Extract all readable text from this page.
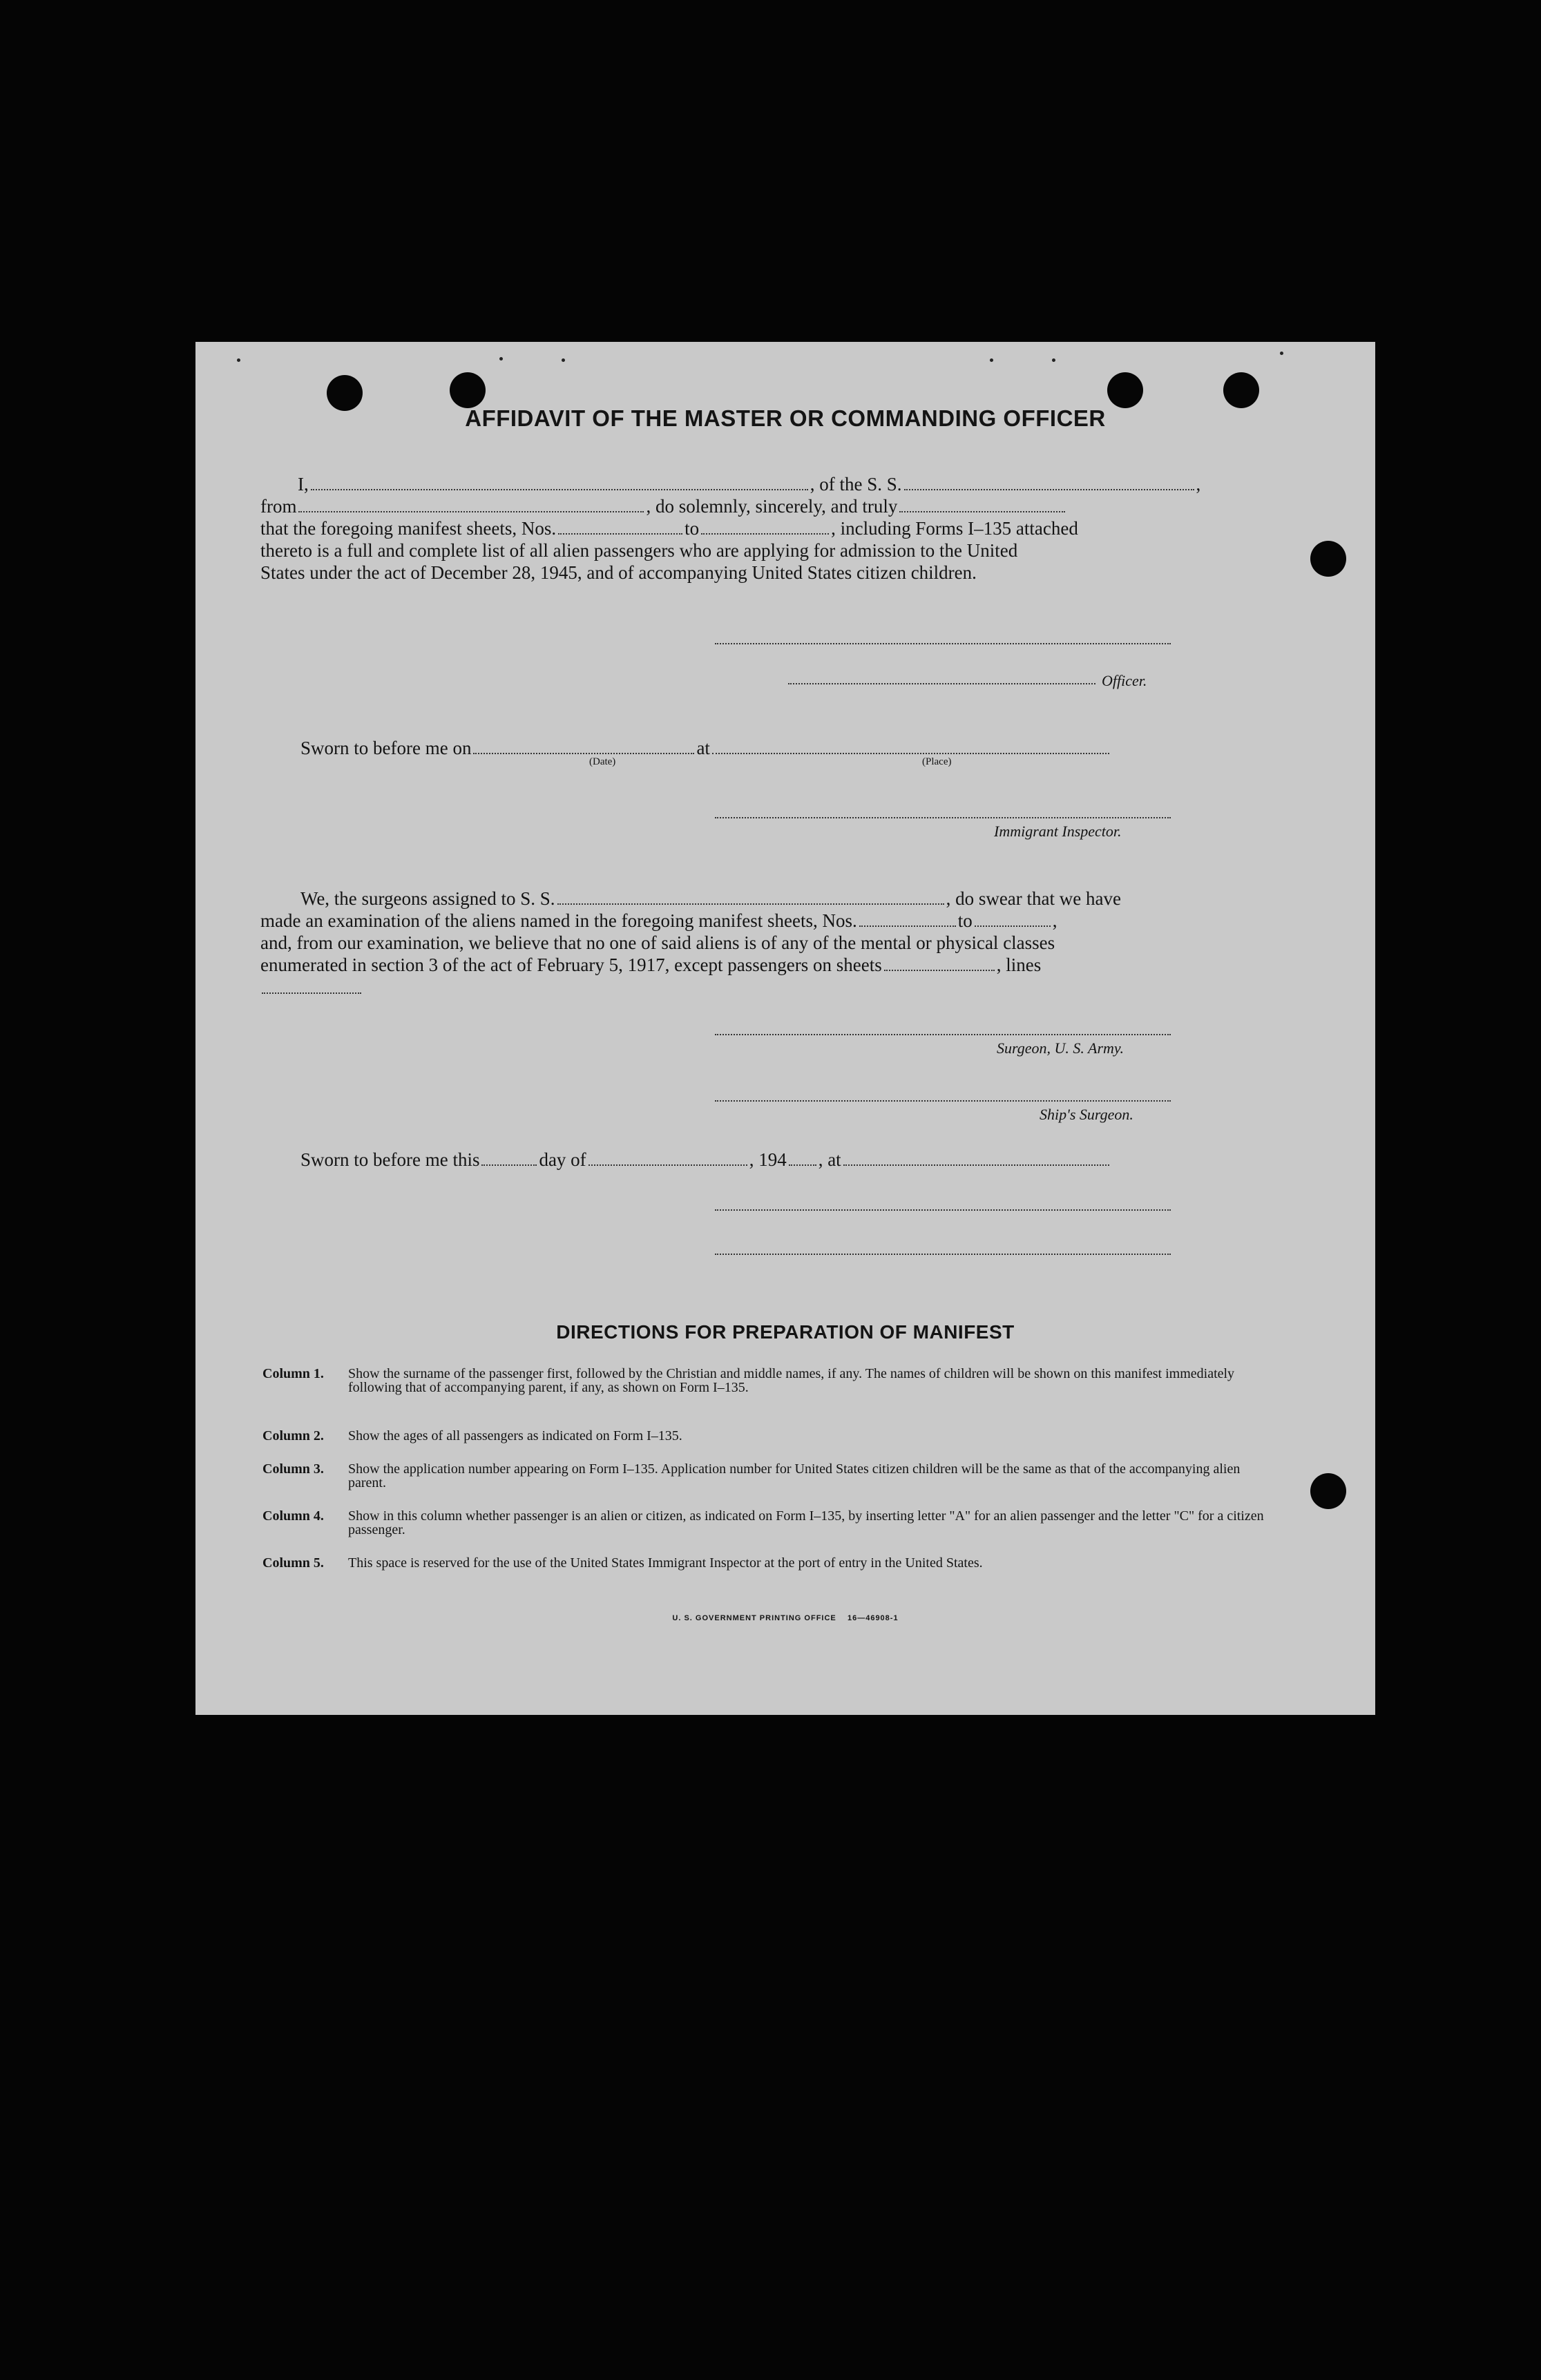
AFFIDAVIT OF THE MASTER OR COMMANDING OFFICER
I,	, of the S. S.	,
from	, do solemnly, sincerely, and truly
that the foregoing manifest sheets, Nos.	to	, including Forms I–135 attached
thereto is a full and complete list of all alien passengers who are applying for admission to the United
States under the act of December 28, 1945, and of accompanying United States citizen children.
Officer.
Sworn to before me on	at
(Date)	(Place)
Immigrant Inspector.
We, the surgeons assigned to S. S.	, do swear that we have
made an examination of the aliens named in the foregoing manifest sheets, Nos.	to	,
and, from our examination, we believe that no one of said aliens is of any of the mental or physical classes
enumerated in section 3 of the act of February 5, 1917, except passengers on sheets	, lines
Surgeon, U. S. Army.
Ship's Surgeon.
Sworn to before me this	day of	, 194 , at
DIRECTIONS FOR PREPARATION OF MANIFEST
Column 1. Show the surname of the passenger first, followed by the Christian and middle names, if any. The names of children will be shown on this manifest immediately following that of accompanying parent, if any, as shown on Form I–135.
Column 2. Show the ages of all passengers as indicated on Form I–135.
Column 3. Show the application number appearing on Form I–135. Application number for United States citizen children will be the same as that of the accompanying alien parent.
Column 4. Show in this column whether passenger is an alien or citizen, as indicated on Form I–135, by inserting letter "A" for an alien passenger and the letter "C" for a citizen passenger.
Column 5. This space is reserved for the use of the United States Immigrant Inspector at the port of entry in the United States.
U. S. GOVERNMENT PRINTING OFFICE    16—46908-1
